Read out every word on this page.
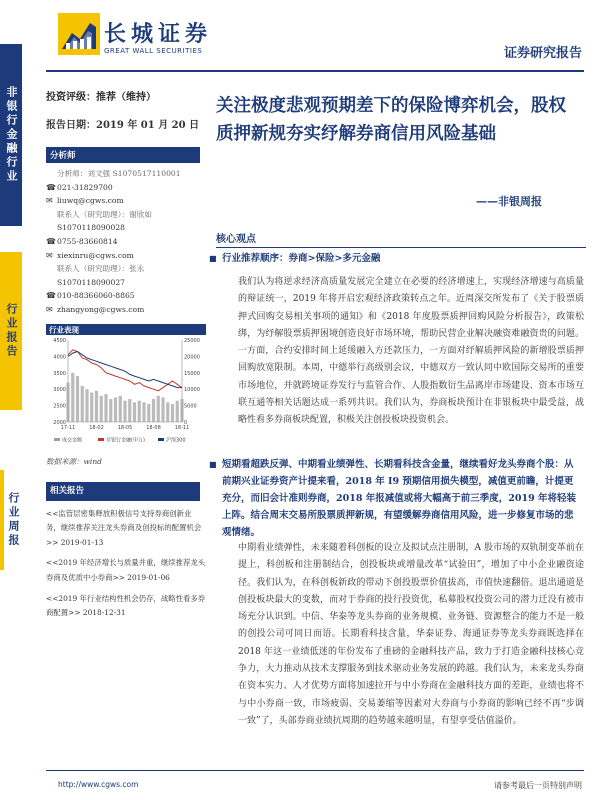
长城证券
GREAT WALL SECURITIES	证券研究报告
非银行金融行业
行业报告
行业周报
投资评级：推荐（维持）
报告日期：2019 年 01 月 20 日
分析师
分析师：刘文强 S1070517110001
☎021-31829700
✉ liuwq@cgws.com
联系人（研究助理）：谢欣如
S1070118090028
☎0755-83660814
✉ xiexinru@cgws.com
联系人（研究助理）：张永
S1070118090027
☎010-88366060-8865
✉ zhangyong@cgws.com
行业表现
2000
2500
3000
3500
4000
4500
0
5000
10000
15000
20000
25000
17-11	18-02	18-05	18-08	18-11
成交金额	非银行金融(申万)	沪深300
数据来源：wind
相关报告

<<监管层密集释放积极信号支持券商创新业务，继续推荐关注龙头券商及创投标的配置机会>> 2019-01-13

<<2019 年经济增长与质量并重，继续推荐龙头券商及优质中小券商>> 2019-01-06

<<2019 年行业结构性机会仍存，战略性看多券商配置>> 2018-12-31

关注极度悲观预期差下的保险博弈机会，股权质押新规夯实纾解券商信用风险基础
——非银周报
核心观点
■ 行业推荐顺序：券商>保险>多元金融
我们认为将逆求经济高质量发展完全建立在必要的经济增速上，实现经济增速与高质量的辩证统一，2019 年将开启宏观经济政策转点之年。近周深交所发布了《关于股票质押式回购交易相关事项的通知》和《2018 年度股票质押回购风险分析报告》，政策松绑，为纾解股票质押困境创造良好市场环境，帮助民营企业解决融资难融资贵的问题。一方面，合约安排时间上延缓融入方还款压力，一方面对纾解质押风险的新增股票质押回购放宽限制。本周，中德举行高级别会议，中德双方一致认同中欧国际交易所的重要市场地位，并就跨境证券发行与监管合作、人股指数衍生品离岸市场建设、资本市场互联互通等相关话题达成一系列共识。我们认为，券商板块预计在非银板块中最受益，战略性看多券商板块配置，积极关注创投板块投资机会。
■ 短期看超跌反弹、中期看业绩弹性、长期看科技含金量，继续看好龙头券商个股：从前期兴业证券资产计提来看，2018 年 I9 预期信用损失模型，减值更前瞻，计提更充分，而旧会计准则券商，2018 年报减值或将大幅高于前三季度，2019 年将轻装上阵。结合周末交易所股票质押新规，有望缓解券商信用风险，进一步修复市场的悲观情绪。
中期看业绩弹性，未来随着科创板的设立及拟试点注册制，A 股市场的双轨制变革前在提上，科创板和注册制结合，创投板块或增量改革“试验田”，增加了中小企业融资途径。我们认为，在科创板新政的带动下创投股票价值拔高，市值快速翻倍。退出通道是创投板块最大的变数，而对于券商的投行投资优，私募股权投资公司的潜力迁没有被市场充分认识到。中信、华泰等龙头券商的业务规模、业务链、资源整合的能力不是一般的创投公司可同日而语。长期看科技含量，华泰证券、海通证券等龙头券商既选择在 2018 年这一业绩低迷的年份发布了重磅的金融科技产品，致力于打造金融科技核心竞争力，大力推动从技术支撑服务到技术驱动业务发展的跨越。我们认为，未来龙头券商在资本实力、人才优势方面将加速拉开与中小券商在金融科技方面的差距，业绩也将不与中小券商一致，市场疲弱、交易萎缩等因素对大券商与小券商的影响已经不再“步调一致”了，头部券商业绩抗周期的趋势越来越明显，有望享受估值溢价。
http://www.cgws.com	请参考最后一页特别声明
